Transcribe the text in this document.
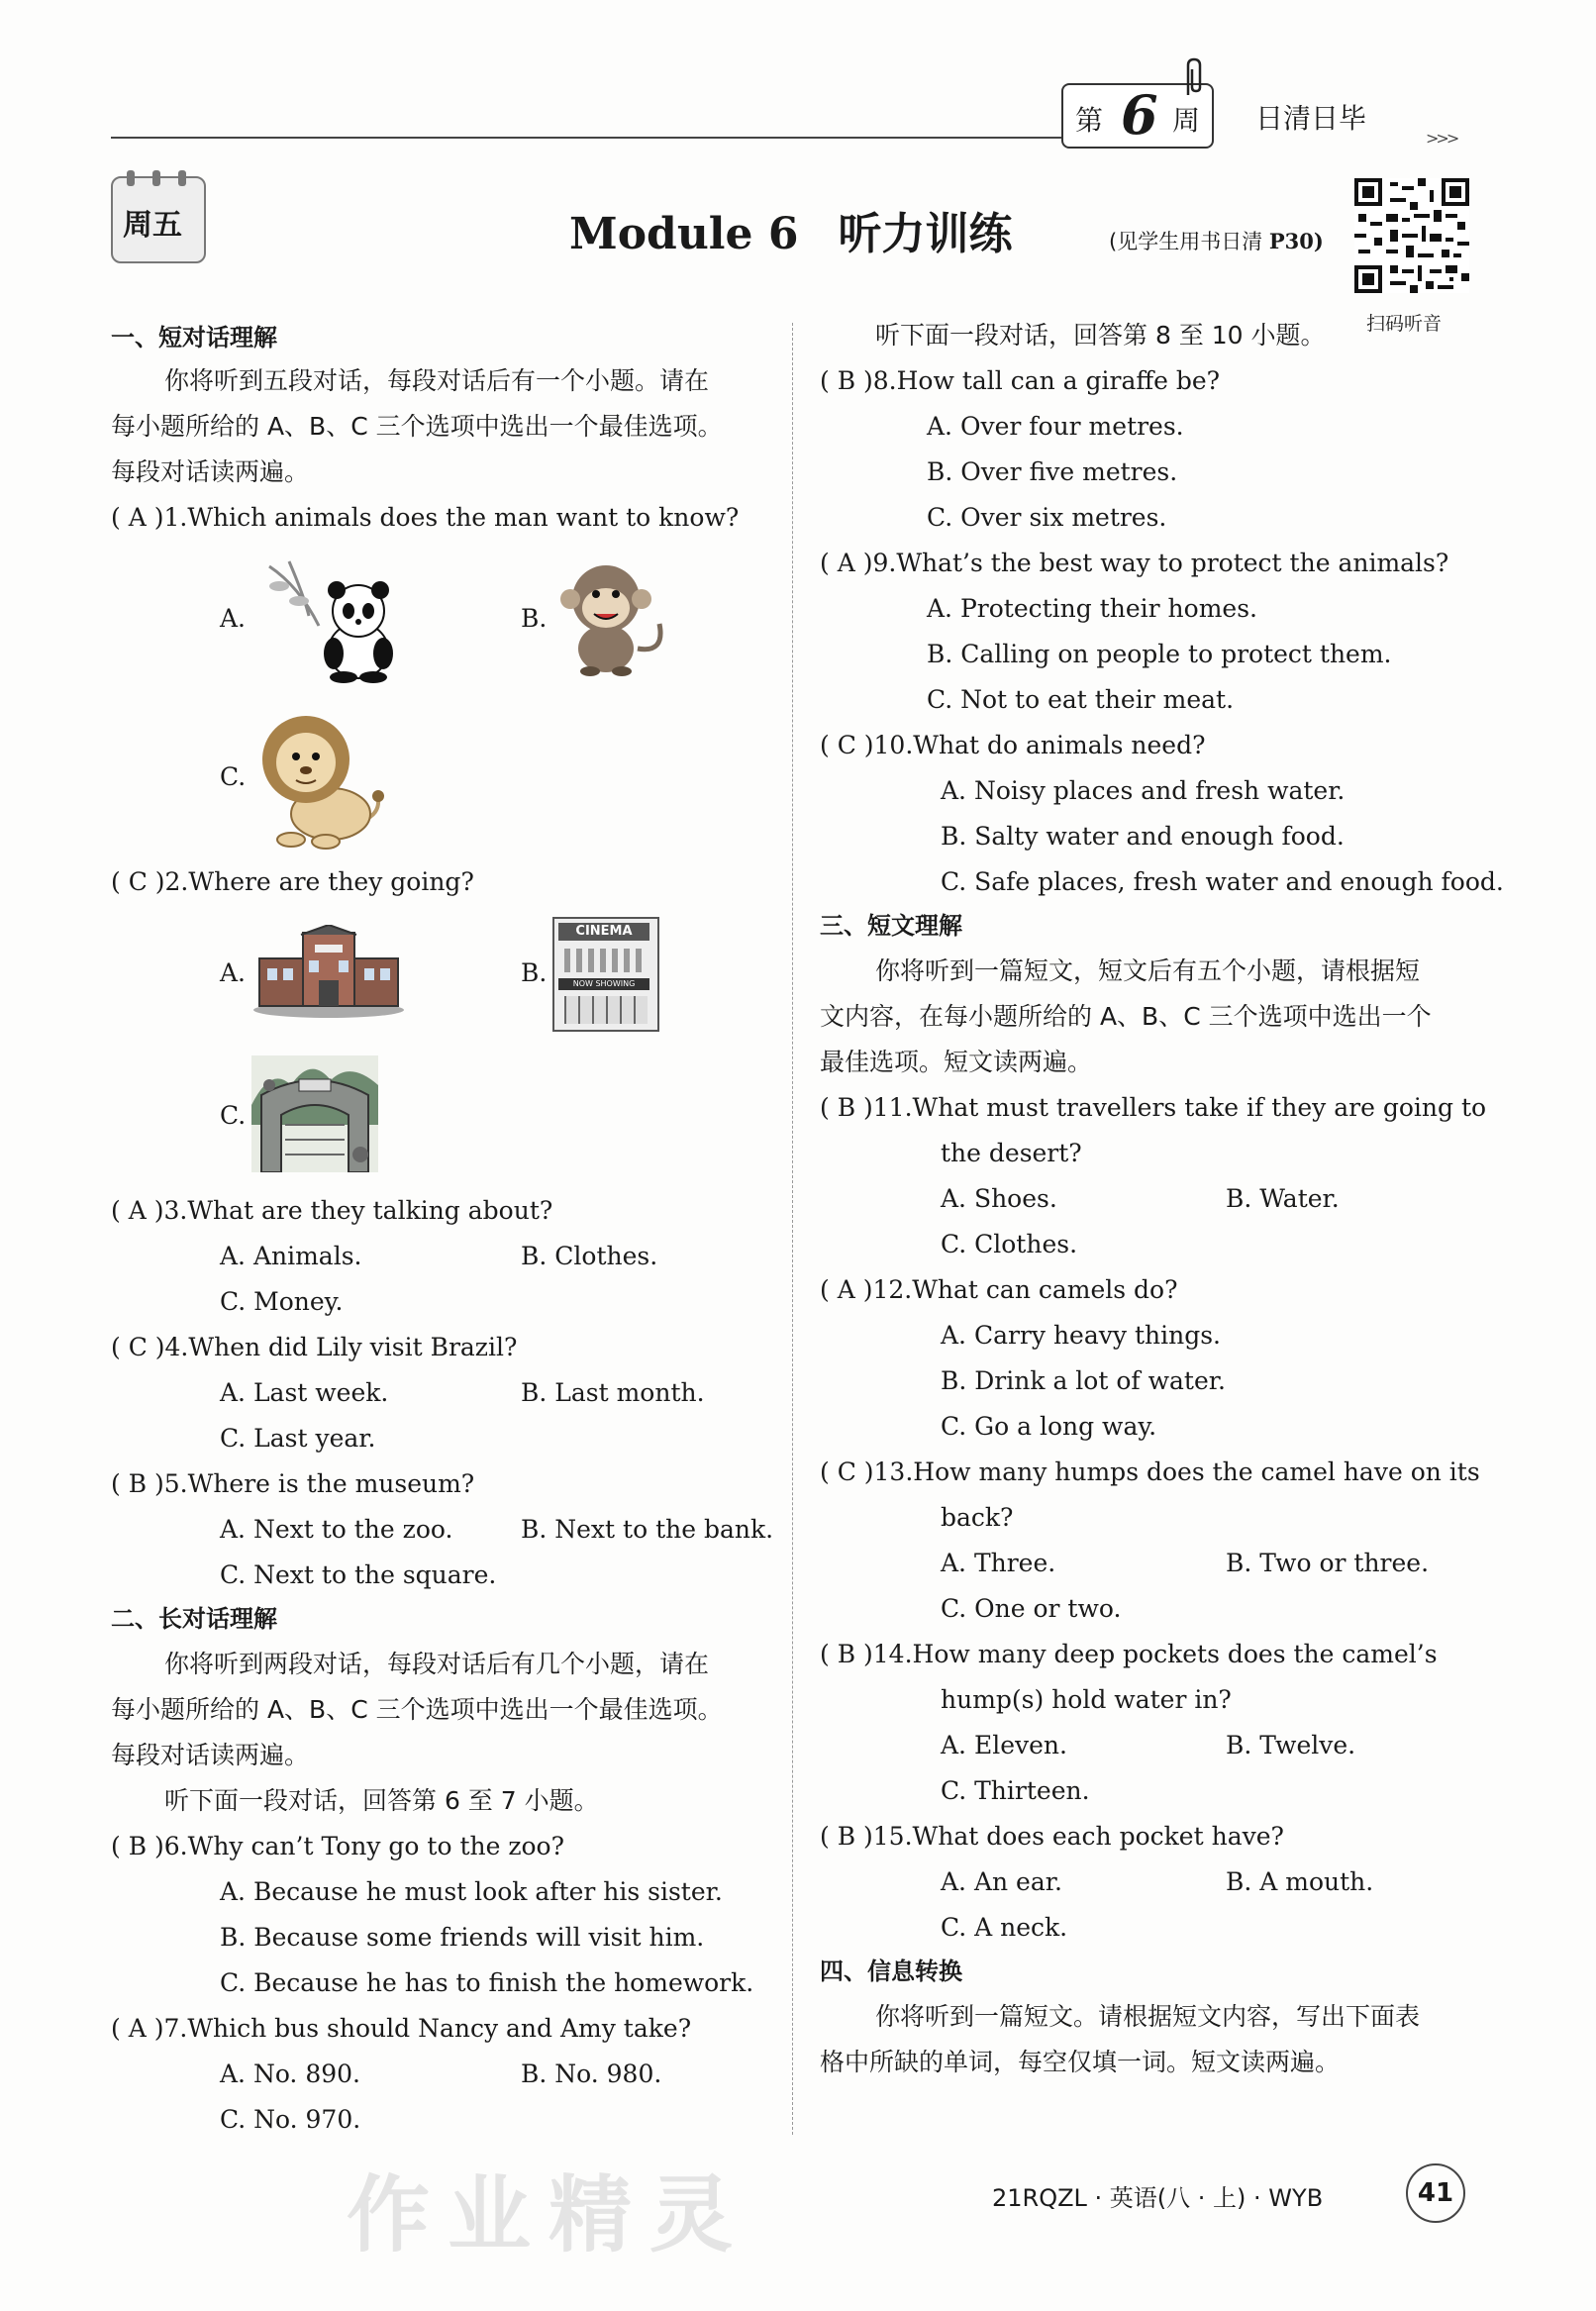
第 6 周 日清日毕
>>>
周五	Module 6 听力训练	(见学生用书日清 P30)
扫码听音
一、短对话理解
你将听到五段对话，每段对话后有一个小题。请在
每小题所给的 A、B、C 三个选项中选出一个最佳选项。
每段对话读两遍。
( A )1.Which animals does the man want to know?
A.	B.
C.
( C )2.Where are they going?
A.	B.
CINEMA
NOW SHOWING
C.
( A )3.What are they talking about?
A. Animals.	B. Clothes.
C. Money.
( C )4.When did Lily visit Brazil?
A. Last week.	B. Last month.
C. Last year.
( B )5.Where is the museum?
A. Next to the zoo.	B. Next to the bank.
C. Next to the square.
二、长对话理解
你将听到两段对话，每段对话后有几个小题，请在
每小题所给的 A、B、C 三个选项中选出一个最佳选项。
每段对话读两遍。
听下面一段对话，回答第 6 至 7 小题。
( B )6.Why can’t Tony go to the zoo?
A. Because he must look after his sister.
B. Because some friends will visit him.
C. Because he has to finish the homework.
( A )7.Which bus should Nancy and Amy take?
A. No. 890.	B. No. 980.
C. No. 970.
听下面一段对话，回答第 8 至 10 小题。
( B )8.How tall can a giraffe be?
A. Over four metres.
B. Over five metres.
C. Over six metres.
( A )9.What’s the best way to protect the animals?
A. Protecting their homes.
B. Calling on people to protect them.
C. Not to eat their meat.
( C )10.What do animals need?
A. Noisy places and fresh water.
B. Salty water and enough food.
C. Safe places, fresh water and enough food.
三、短文理解
你将听到一篇短文，短文后有五个小题，请根据短
文内容，在每小题所给的 A、B、C 三个选项中选出一个
最佳选项。短文读两遍。
( B )11.What must travellers take if they are going to
the desert?
A. Shoes.	B. Water.
C. Clothes.
( A )12.What can camels do?
A. Carry heavy things.
B. Drink a lot of water.
C. Go a long way.
( C )13.How many humps does the camel have on its
back?
A. Three.	B. Two or three.
C. One or two.
( B )14.How many deep pockets does the camel’s
hump(s) hold water in?
A. Eleven.	B. Twelve.
C. Thirteen.
( B )15.What does each pocket have?
A. An ear.	B. A mouth.
C. A neck.
四、信息转换
你将听到一篇短文。请根据短文内容，写出下面表
格中所缺的单词，每空仅填一词。短文读两遍。
作业精灵	21RQZL · 英语(八 · 上) · WYB	41
